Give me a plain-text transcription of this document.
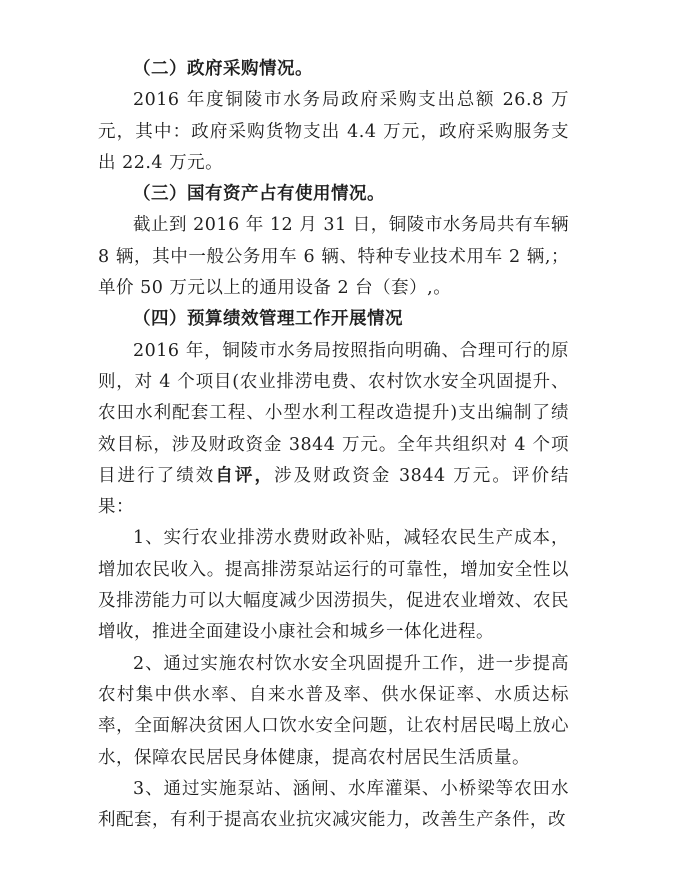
（二）政府采购情况。

2016 年度铜陵市水务局政府采购支出总额 26.8 万元，其中：政府采购货物支出 4.4 万元，政府采购服务支出 22.4 万元。

（三）国有资产占有使用情况。

截止到 2016 年 12 月 31 日，铜陵市水务局共有车辆 8 辆，其中一般公务用车 6 辆、特种专业技术用车 2 辆,；单价 50 万元以上的通用设备 2 台（套）,。

（四）预算绩效管理工作开展情况

2016 年，铜陵市水务局按照指向明确、合理可行的原则，对 4 个项目(农业排涝电费、农村饮水安全巩固提升、农田水利配套工程、小型水利工程改造提升)支出编制了绩效目标，涉及财政资金 3844 万元。全年共组织对 4 个项目进行了绩效自评，涉及财政资金 3844 万元。评价结果：

1、实行农业排涝水费财政补贴，减轻农民生产成本，增加农民收入。提高排涝泵站运行的可靠性，增加安全性以及排涝能力可以大幅度减少因涝损失，促进农业增效、农民增收，推进全面建设小康社会和城乡一体化进程。

2、通过实施农村饮水安全巩固提升工作，进一步提高农村集中供水率、自来水普及率、供水保证率、水质达标率，全面解决贫困人口饮水安全问题，让农村居民喝上放心水，保障农民居民身体健康，提高农村居民生活质量。

3、通过实施泵站、涵闸、水库灌渠、小桥梁等农田水利配套，有利于提高农业抗灾减灾能力，改善生产条件，改
